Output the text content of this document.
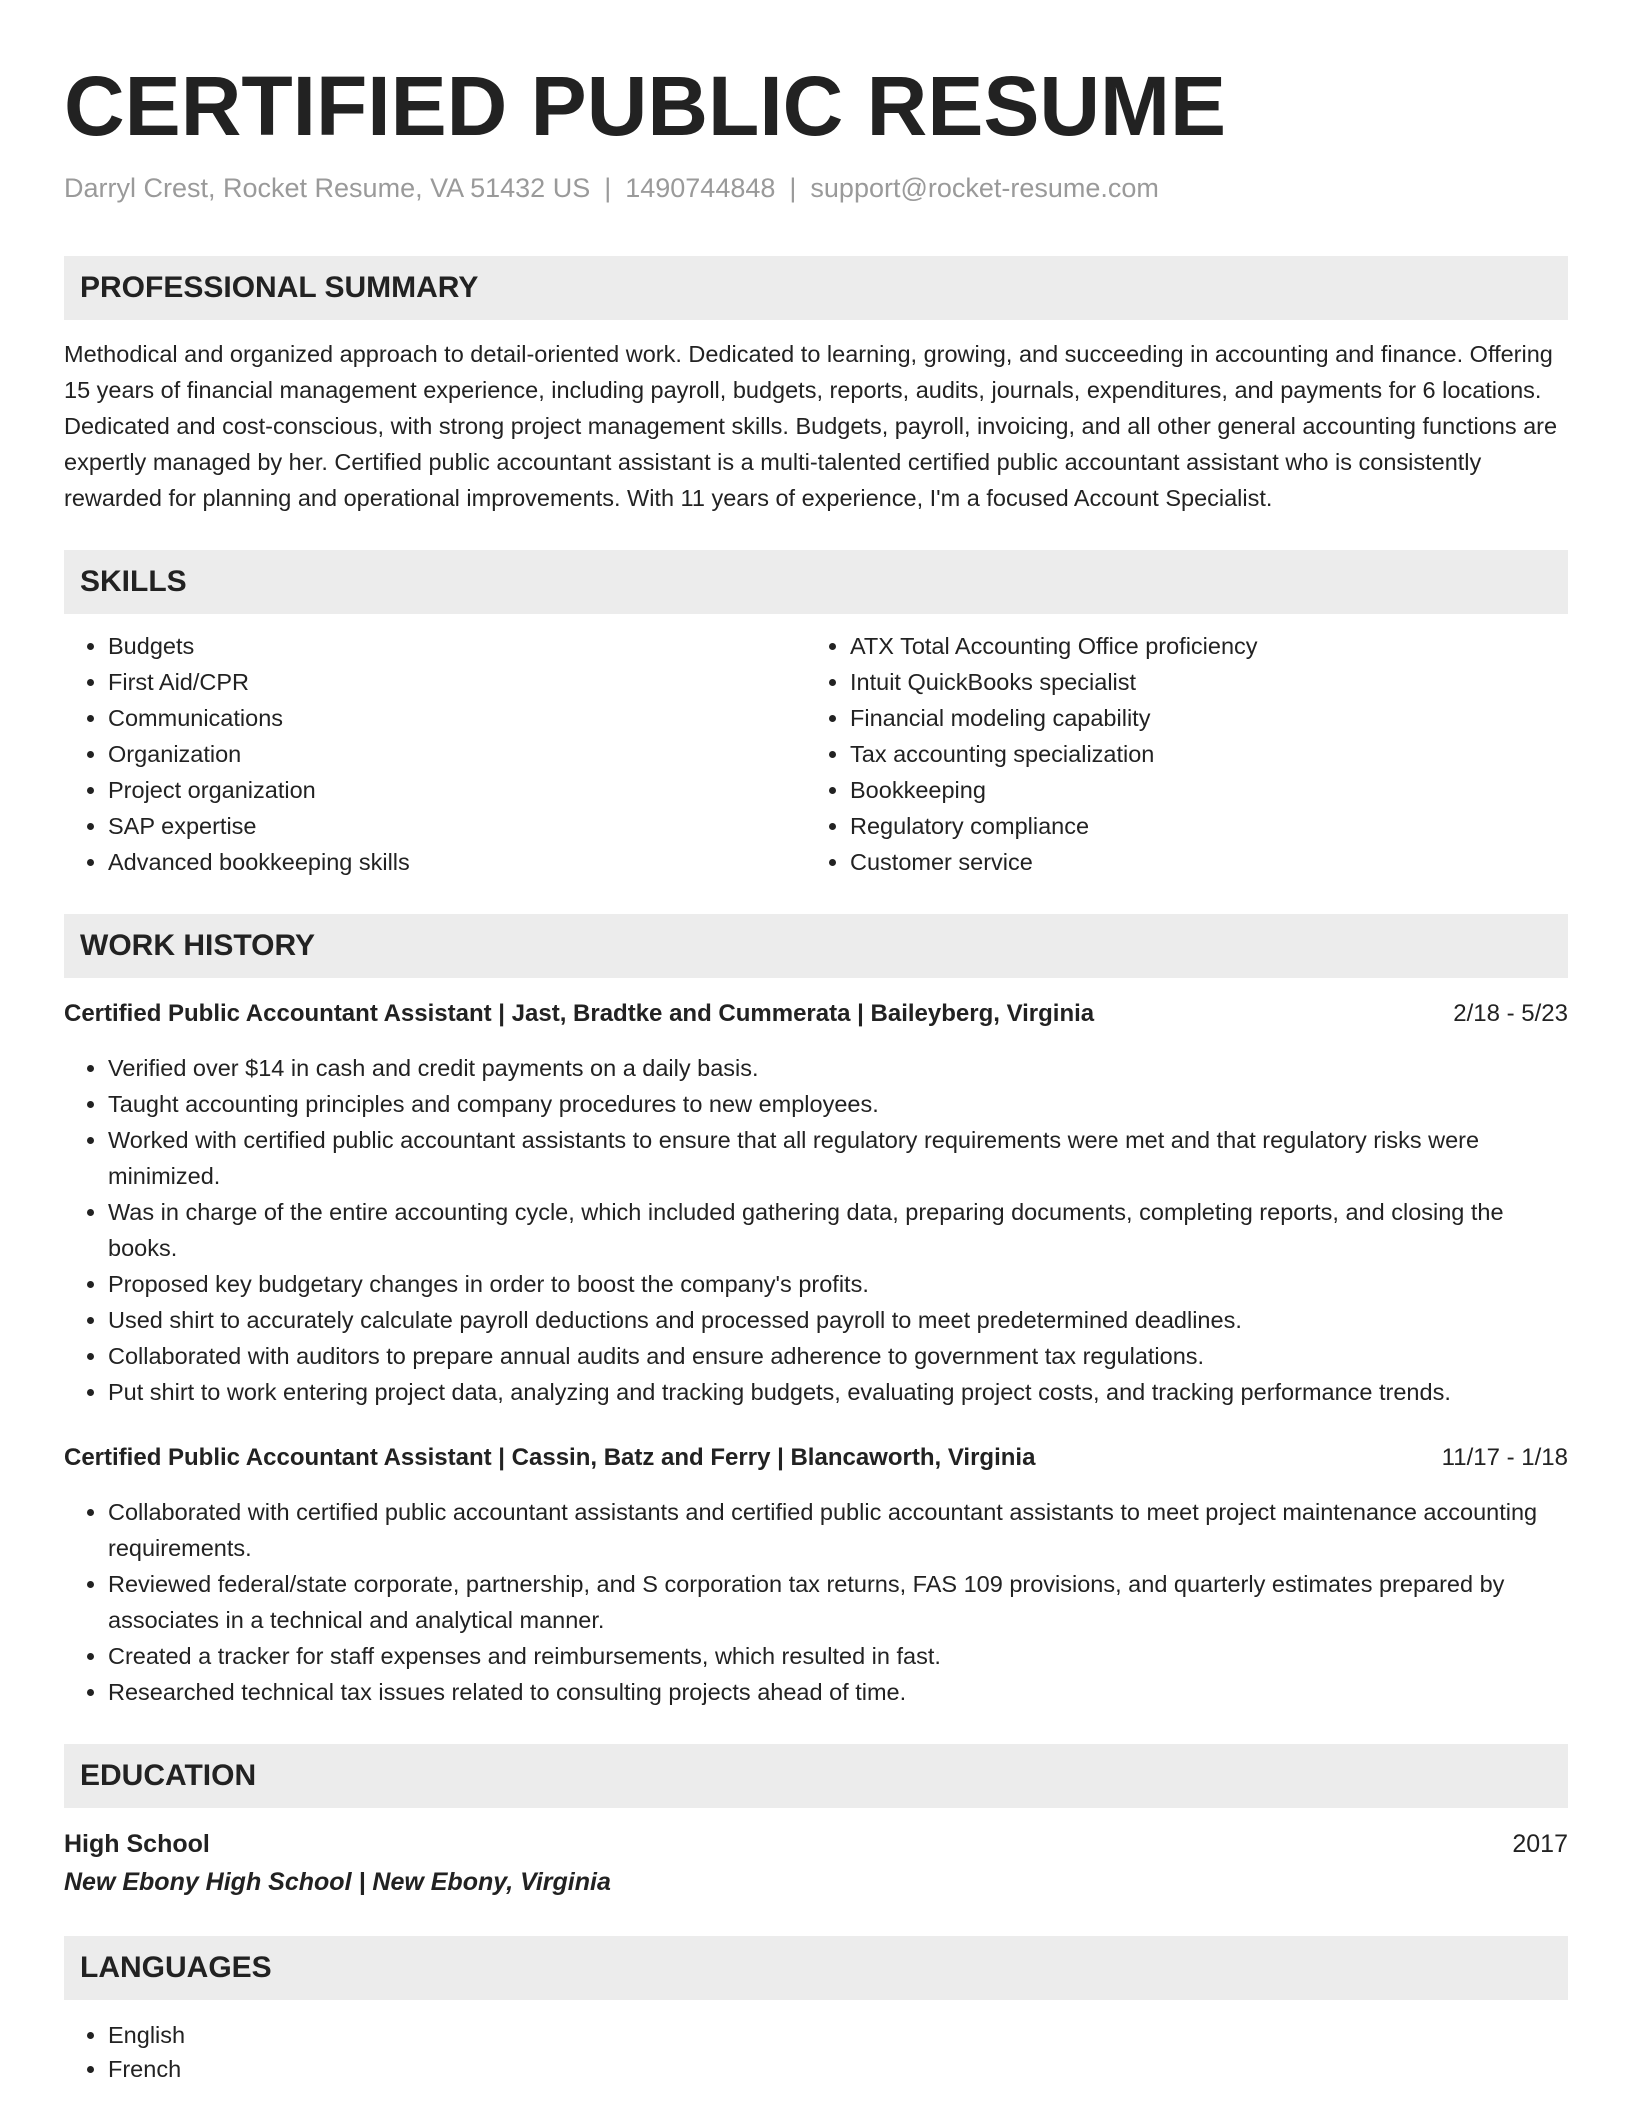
CERTIFIED PUBLIC RESUME
Darryl Crest, Rocket Resume, VA 51432 US | 1490744848 | support@rocket-resume.com
PROFESSIONAL SUMMARY
Methodical and organized approach to detail-oriented work. Dedicated to learning, growing, and succeeding in accounting and finance. Offering 15 years of financial management experience, including payroll, budgets, reports, audits, journals, expenditures, and payments for 6 locations. Dedicated and cost-conscious, with strong project management skills. Budgets, payroll, invoicing, and all other general accounting functions are expertly managed by her. Certified public accountant assistant is a multi-talented certified public accountant assistant who is consistently rewarded for planning and operational improvements. With 11 years of experience, I'm a focused Account Specialist.
SKILLS
• Budgets
• First Aid/CPR
• Communications
• Organization
• Project organization
• SAP expertise
• Advanced bookkeeping skills
• ATX Total Accounting Office proficiency
• Intuit QuickBooks specialist
• Financial modeling capability
• Tax accounting specialization
• Bookkeeping
• Regulatory compliance
• Customer service
WORK HISTORY
Certified Public Accountant Assistant | Jast, Bradtke and Cummerata | Baileyberg, Virginia	2/18 - 5/23
• Verified over $14 in cash and credit payments on a daily basis.
• Taught accounting principles and company procedures to new employees.
• Worked with certified public accountant assistants to ensure that all regulatory requirements were met and that regulatory risks were minimized.
• Was in charge of the entire accounting cycle, which included gathering data, preparing documents, completing reports, and closing the books.
• Proposed key budgetary changes in order to boost the company's profits.
• Used shirt to accurately calculate payroll deductions and processed payroll to meet predetermined deadlines.
• Collaborated with auditors to prepare annual audits and ensure adherence to government tax regulations.
• Put shirt to work entering project data, analyzing and tracking budgets, evaluating project costs, and tracking performance trends.
Certified Public Accountant Assistant | Cassin, Batz and Ferry | Blancaworth, Virginia	11/17 - 1/18
• Collaborated with certified public accountant assistants and certified public accountant assistants to meet project maintenance accounting requirements.
• Reviewed federal/state corporate, partnership, and S corporation tax returns, FAS 109 provisions, and quarterly estimates prepared by associates in a technical and analytical manner.
• Created a tracker for staff expenses and reimbursements, which resulted in fast.
• Researched technical tax issues related to consulting projects ahead of time.
EDUCATION
High School	2017
New Ebony High School | New Ebony, Virginia
LANGUAGES
• English
• French
